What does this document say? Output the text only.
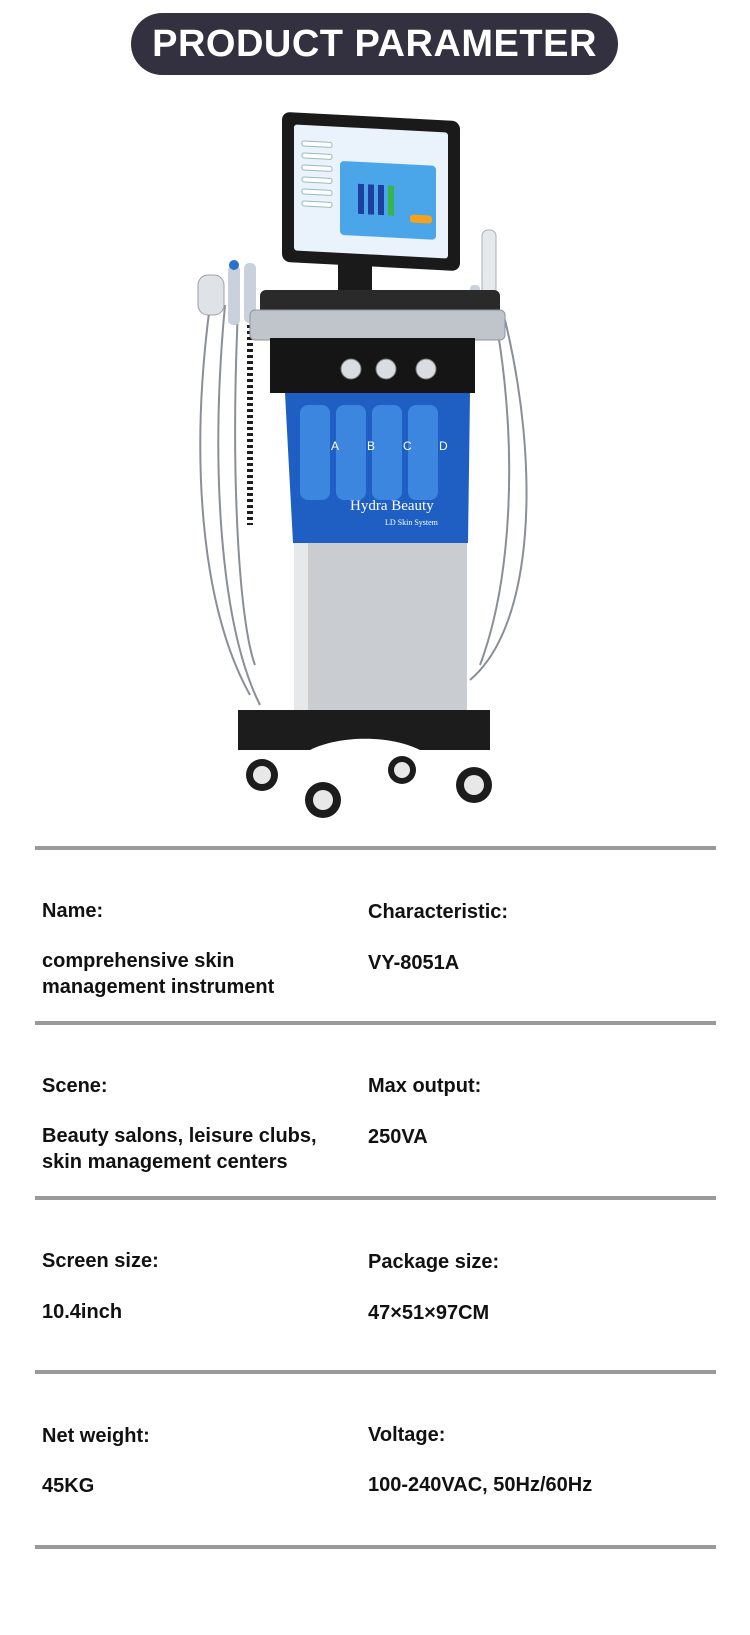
PRODUCT PARAMETER
A B C D
Hydra Beauty
LD Skin System
Name:
comprehensive skin
management instrument
Characteristic:
VY-8051A
Scene:
Beauty salons, leisure clubs,
skin management centers
Max output:
250VA
Screen size:
10.4inch
Package size:
47×51×97CM
Net weight:
45KG
Voltage:
100-240VAC, 50Hz/60Hz
